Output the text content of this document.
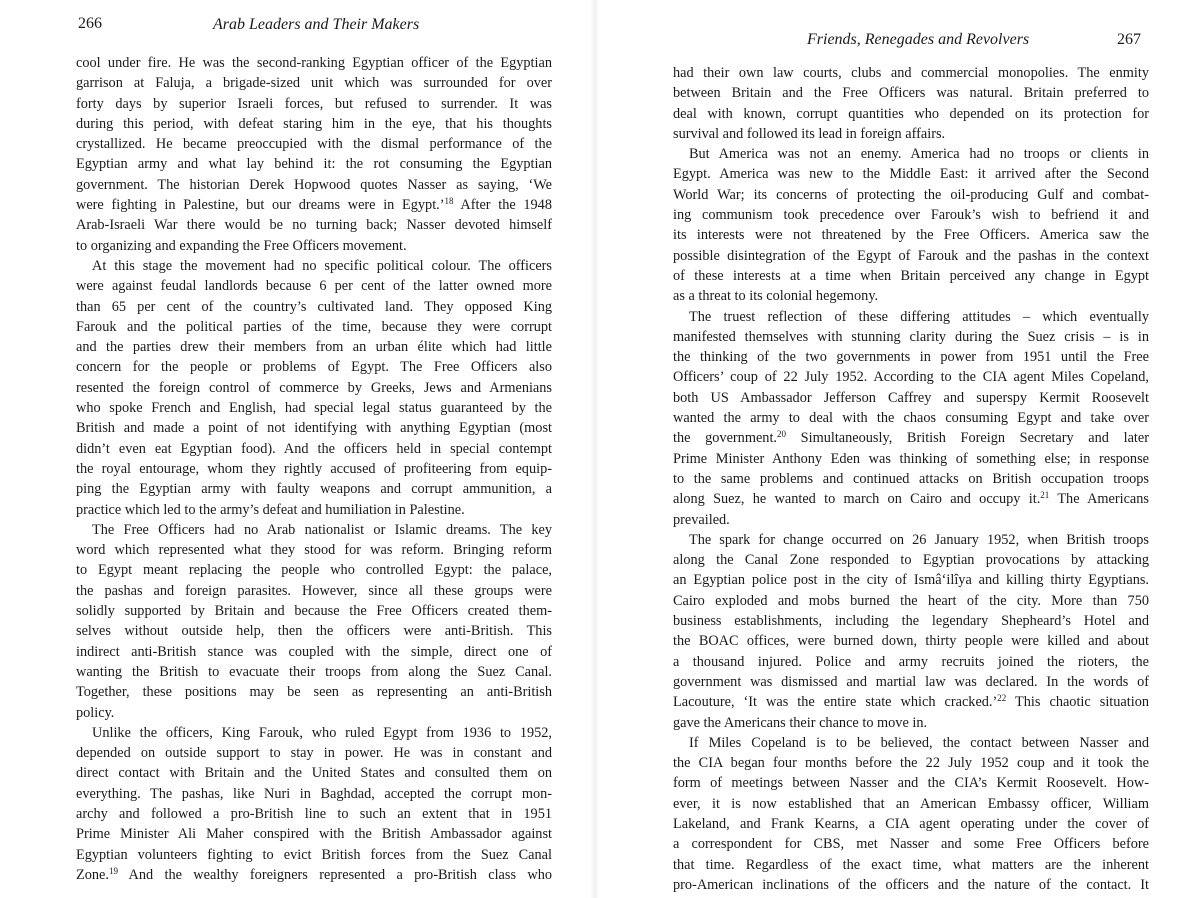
266	Arab Leaders and Their Makers
cool under fire. He was the second-ranking Egyptian officer of the Egyptian
garrison at Faluja, a brigade-sized unit which was surrounded for over
forty days by superior Israeli forces, but refused to surrender. It was
during this period, with defeat staring him in the eye, that his thoughts
crystallized. He became preoccupied with the dismal performance of the
Egyptian army and what lay behind it: the rot consuming the Egyptian
government. The historian Derek Hopwood quotes Nasser as saying, ‘We
were fighting in Palestine, but our dreams were in Egypt.’$^{18}$ After the 1948
Arab-Israeli War there would be no turning back; Nasser devoted himself
to organizing and expanding the Free Officers movement.
At this stage the movement had no specific political colour. The officers
were against feudal landlords because 6 per cent of the latter owned more
than 65 per cent of the country’s cultivated land. They opposed King
Farouk and the political parties of the time, because they were corrupt
and the parties drew their members from an urban élite which had little
concern for the people or problems of Egypt. The Free Officers also
resented the foreign control of commerce by Greeks, Jews and Armenians
who spoke French and English, had special legal status guaranteed by the
British and made a point of not identifying with anything Egyptian (most
didn’t even eat Egyptian food). And the officers held in special contempt
the royal entourage, whom they rightly accused of profiteering from equip-
ping the Egyptian army with faulty weapons and corrupt ammunition, a
practice which led to the army’s defeat and humiliation in Palestine.
The Free Officers had no Arab nationalist or Islamic dreams. The key
word which represented what they stood for was reform. Bringing reform
to Egypt meant replacing the people who controlled Egypt: the palace,
the pashas and foreign parasites. However, since all these groups were
solidly supported by Britain and because the Free Officers created them-
selves without outside help, then the officers were anti-British. This
indirect anti-British stance was coupled with the simple, direct one of
wanting the British to evacuate their troops from along the Suez Canal.
Together, these positions may be seen as representing an anti-British
policy.
Unlike the officers, King Farouk, who ruled Egypt from 1936 to 1952,
depended on outside support to stay in power. He was in constant and
direct contact with Britain and the United States and consulted them on
everything. The pashas, like Nuri in Baghdad, accepted the corrupt mon-
archy and followed a pro-British line to such an extent that in 1951
Prime Minister Ali Maher conspired with the British Ambassador against
Egyptian volunteers fighting to evict British forces from the Suez Canal
Zone.$^{19}$ And the wealthy foreigners represented a pro-British class who
Friends, Renegades and Revolvers	267
had their own law courts, clubs and commercial monopolies. The enmity
between Britain and the Free Officers was natural. Britain preferred to
deal with known, corrupt quantities who depended on its protection for
survival and followed its lead in foreign affairs.
But America was not an enemy. America had no troops or clients in
Egypt. America was new to the Middle East: it arrived after the Second
World War; its concerns of protecting the oil-producing Gulf and combat-
ing communism took precedence over Farouk’s wish to befriend it and
its interests were not threatened by the Free Officers. America saw the
possible disintegration of the Egypt of Farouk and the pashas in the context
of these interests at a time when Britain perceived any change in Egypt
as a threat to its colonial hegemony.
The truest reflection of these differing attitudes – which eventually
manifested themselves with stunning clarity during the Suez crisis – is in
the thinking of the two governments in power from 1951 until the Free
Officers’ coup of 22 July 1952. According to the CIA agent Miles Copeland,
both US Ambassador Jefferson Caffrey and superspy Kermit Roosevelt
wanted the army to deal with the chaos consuming Egypt and take over
the government.$^{20}$ Simultaneously, British Foreign Secretary and later
Prime Minister Anthony Eden was thinking of something else; in response
to the same problems and continued attacks on British occupation troops
along Suez, he wanted to march on Cairo and occupy it.$^{21}$ The Americans
prevailed.
The spark for change occurred on 26 January 1952, when British troops
along the Canal Zone responded to Egyptian provocations by attacking
an Egyptian police post in the city of Ismâ‘ilîya and killing thirty Egyptians.
Cairo exploded and mobs burned the heart of the city. More than 750
business establishments, including the legendary Shepheard’s Hotel and
the BOAC offices, were burned down, thirty people were killed and about
a thousand injured. Police and army recruits joined the rioters, the
government was dismissed and martial law was declared. In the words of
Lacouture, ‘It was the entire state which cracked.’$^{22}$ This chaotic situation
gave the Americans their chance to move in.
If Miles Copeland is to be believed, the contact between Nasser and
the CIA began four months before the 22 July 1952 coup and it took the
form of meetings between Nasser and the CIA’s Kermit Roosevelt. How-
ever, it is now established that an American Embassy officer, William
Lakeland, and Frank Kearns, a CIA agent operating under the cover of
a correspondent for CBS, met Nasser and some Free Officers before
that time. Regardless of the exact time, what matters are the inherent
pro-American inclinations of the officers and the nature of the contact. It
